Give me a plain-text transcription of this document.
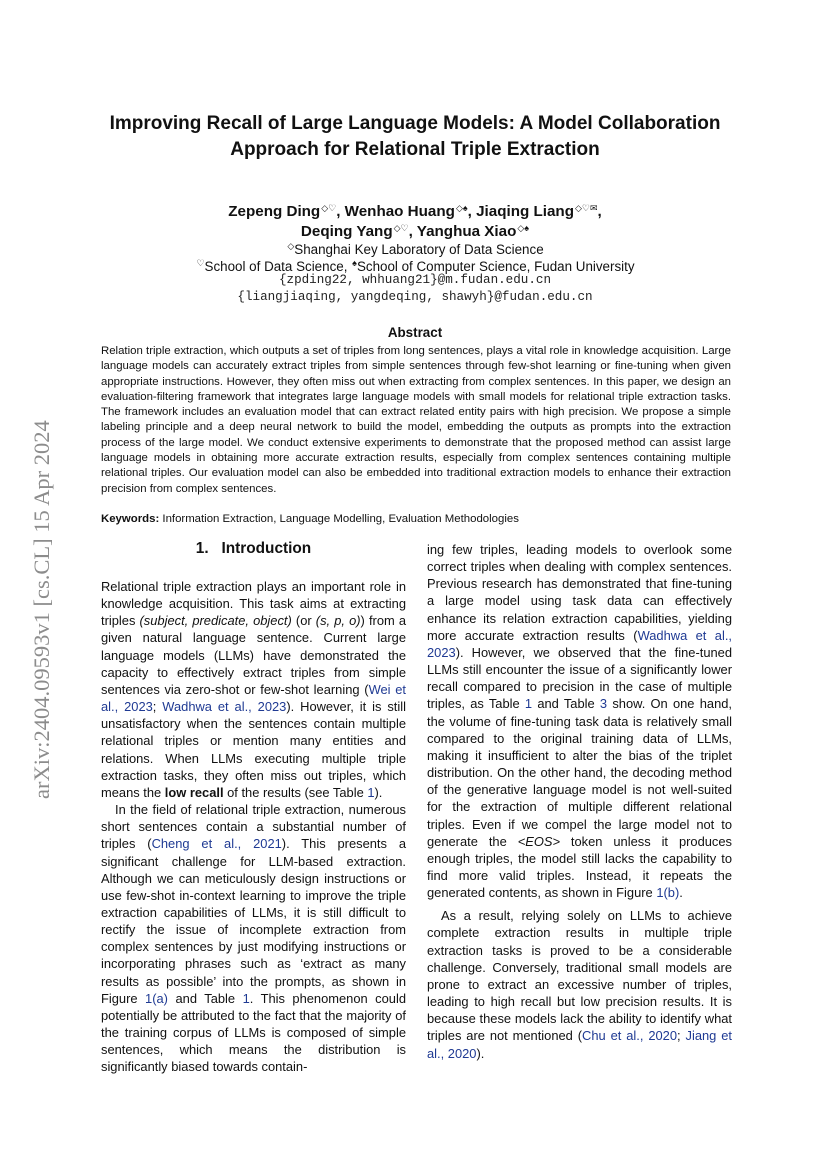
arXiv:2404.09593v1 [cs.CL] 15 Apr 2024
Improving Recall of Large Language Models: A Model Collaboration Approach for Relational Triple Extraction
Zepeng Ding◇♡, Wenhao Huang◇♠, Jiaqing Liang◇♡✉,
Deqing Yang◇♡, Yanghua Xiao◇♠
◇Shanghai Key Laboratory of Data Science
♡School of Data Science, ♠School of Computer Science, Fudan University
{zpding22, whhuang21}@m.fudan.edu.cn
{liangjiaqing, yangdeqing, shawyh}@fudan.edu.cn
Abstract

Relation triple extraction, which outputs a set of triples from long sentences, plays a vital role in knowledge acquisition. Large language models can accurately extract triples from simple sentences through few-shot learning or fine-tuning when given appropriate instructions. However, they often miss out when extracting from complex sentences. In this paper, we design an evaluation-filtering framework that integrates large language models with small models for relational triple extraction tasks. The framework includes an evaluation model that can extract related entity pairs with high precision. We propose a simple labeling principle and a deep neural network to build the model, embedding the outputs as prompts into the extraction process of the large model. We conduct extensive experiments to demonstrate that the proposed method can assist large language models in obtaining more accurate extraction results, especially from complex sentences containing multiple relational triples. Our evaluation model can also be embedded into traditional extraction models to enhance their extraction precision from complex sentences.

Keywords: Information Extraction, Language Modelling, Evaluation Methodologies

1. Introduction

Relational triple extraction plays an important role in knowledge acquisition. This task aims at extracting triples (subject, predicate, object) (or (s, p, o)) from a given natural language sentence. Current large language models (LLMs) have demonstrated the capacity to effectively extract triples from simple sentences via zero-shot or few-shot learning (Wei et al., 2023; Wadhwa et al., 2023). However, it is still unsatisfactory when the sentences contain multiple relational triples or mention many entities and relations. When LLMs executing multiple triple extraction tasks, they often miss out triples, which means the low recall of the results (see Table 1).

In the field of relational triple extraction, numerous short sentences contain a substantial number of triples (Cheng et al., 2021). This presents a significant challenge for LLM-based extraction. Although we can meticulously design instructions or use few-shot in-context learning to improve the triple extraction capabilities of LLMs, it is still difficult to rectify the issue of incomplete extraction from complex sentences by just modifying instructions or incorporating phrases such as ‘extract as many results as possible’ into the prompts, as shown in Figure 1(a) and Table 1. This phenomenon could potentially be attributed to the fact that the majority of the training corpus of LLMs is composed of simple sentences, which means the distribution is significantly biased towards contain-

ing few triples, leading models to overlook some correct triples when dealing with complex sentences. Previous research has demonstrated that fine-tuning a large model using task data can effectively enhance its relation extraction capabilities, yielding more accurate extraction results (Wadhwa et al., 2023). However, we observed that the fine-tuned LLMs still encounter the issue of a significantly lower recall compared to precision in the case of multiple triples, as Table 1 and Table 3 show. On one hand, the volume of fine-tuning task data is relatively small compared to the original training data of LLMs, making it insufficient to alter the bias of the triplet distribution. On the other hand, the decoding method of the generative language model is not well-suited for the extraction of multiple different relational triples. Even if we compel the large model not to generate the <EOS> token unless it produces enough triples, the model still lacks the capability to find more valid triples. Instead, it repeats the generated contents, as shown in Figure 1(b).

As a result, relying solely on LLMs to achieve complete extraction results in multiple triple extraction tasks is proved to be a considerable challenge. Conversely, traditional small models are prone to extract an excessive number of triples, leading to high recall but low precision results. It is because these models lack the ability to identify what triples are not mentioned (Chu et al., 2020; Jiang et al., 2020).
